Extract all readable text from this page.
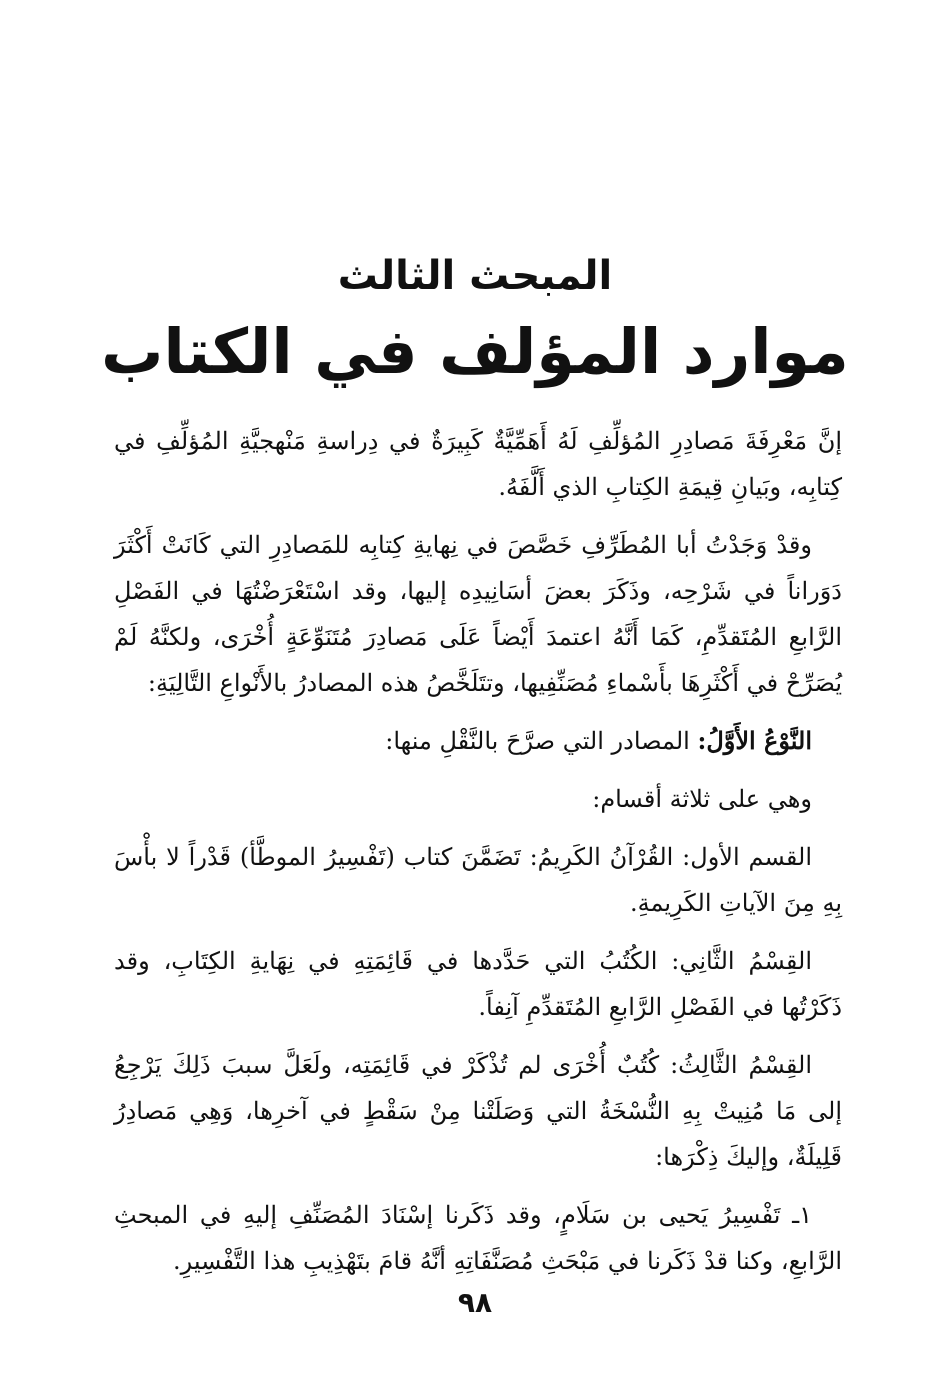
المبحث الثالث
موارد المؤلف في الكتاب

إنَّ مَعْرِفَةَ مَصادِرِ المُؤلِّفِ لَهُ أَهَمِّيَّةٌ كَبِيرَةٌ في دِراسةِ مَنْهجيَّةِ المُؤلِّفِ في كِتابِه، وبَيانِ قِيمَةِ الكِتابِ الذي أَلَّفَهُ.

وقدْ وَجَدْتُ أبا المُطَرِّفِ خَصَّصَ في نِهايةِ كِتابِه للمَصادِرِ التي كَانَتْ أَكْثَرَ دَوَراناً في شَرْحِه، وذَكَرَ بعضَ أسَانِيدِه إليها، وقد اسْتَعْرَضْتُهَا في الفَصْلِ الرَّابعِ المُتَقدِّمِ، كَمَا أَنَّهُ اعتمدَ أَيْضاً عَلَى مَصادِرَ مُتَنَوِّعَةٍ أُخْرَى، ولكنَّهُ لَمْ يُصَرِّحْ في أَكْثَرِهَا بأَسْماءِ مُصَنِّفِيها، وتتَلَخَّصُ هذه المصادرُ بالأَنْواعِ التَّالِيَةِ:

النَّوْعُ الأَوَّلُ: المصادر التي صرَّحَ بالنَّقْلِ منها:

وهي على ثلاثة أقسام:

القسم الأول: القُرْآنُ الكَرِيمُ: تَضَمَّنَ كتاب (تَفْسِيرُ الموطَّأ) قَدْراً لا بأْسَ بِهِ مِنَ الآياتِ الكَرِيمةِ.

القِسْمُ الثَّانِي: الكُتُبُ التي حَدَّدها في قَائِمَتِهِ في نِهَايةِ الكِتَابِ، وقد ذَكَرْتُها في الفَصْلِ الرَّابعِ المُتَقدِّمِ آنِفاً.

القِسْمُ الثَّالِثُ: كُتُبٌ أُخْرَى لم تُذْكَرْ في قَائِمَتِه، ولَعَلَّ سببَ ذَلِكَ يَرْجِعُ إلى مَا مُنِيتْ بِهِ النُّسْخَةُ التي وَصَلَتْنا مِنْ سَقْطٍ في آخرِها، وَهِي مَصادِرُ قَلِيلَةٌ، وإليكَ ذِكْرَها:

١ـ تَفْسِيرُ يَحيى بن سَلَامٍ، وقد ذَكَرنا إسْنَادَ المُصَنِّفِ إليهِ في المبحثِ الرَّابعِ، وكنا قدْ ذَكَرنا في مَبْحَثِ مُصَنَّفَاتِهِ أنَّهُ قامَ بتَهْذِيبِ هذا التَّفْسِيرِ.

٩٨
